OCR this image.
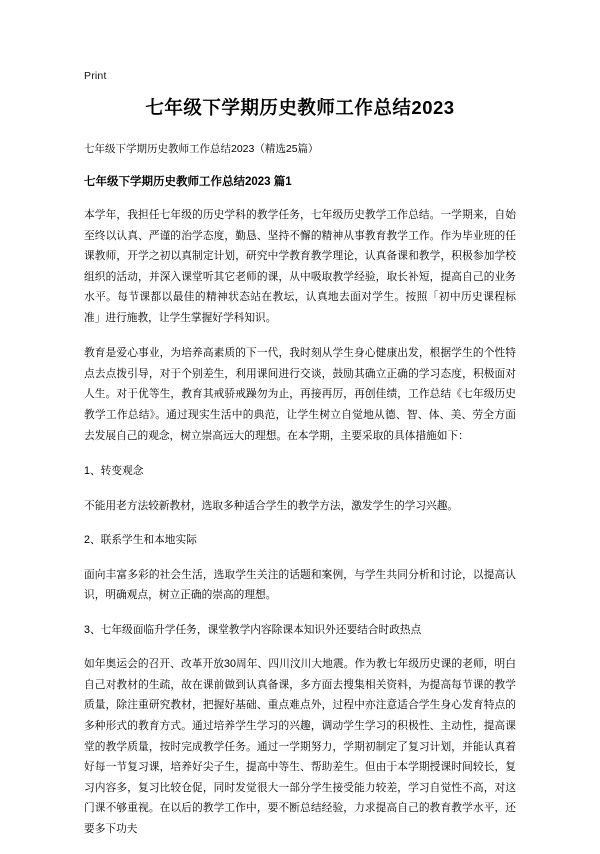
Print
七年级下学期历史教师工作总结2023
七年级下学期历史教师工作总结2023（精选25篇）
七年级下学期历史教师工作总结2023 篇1

本学年，我担任七年级的历史学科的教学任务，七年级历史教学工作总结。一学期来，自始至终以认真、严谨的治学态度，勤恳、坚持不懈的精神从事教育教学工作。作为毕业班的任课教师，开学之初以真制定计划，研究中学教育教学理论，认真备课和教学，积极参加学校组织的活动，并深入课堂听其它老师的课，从中吸取教学经验，取长补短，提高自己的业务水平。每节课都以最佳的精神状态站在教坛，认真地去面对学生。按照「初中历史课程标准」进行施教，让学生掌握好学科知识。

教育是爱心事业，为培养高素质的下一代，我时刻从学生身心健康出发，根据学生的个性特点去点拨引导，对于个别差生，利用课间进行交谈，鼓励其确立正确的学习态度，积极面对人生。对于优等生，教育其戒骄戒躁勿为止，再接再厉，再创佳绩，工作总结《七年级历史教学工作总结》。通过现实生活中的典范，让学生树立自觉地从德、智、体、美、劳全方面去发展自己的观念，树立崇高远大的理想。在本学期，主要采取的具体措施如下：

1、转变观念

不能用老方法较新教材，选取多种适合学生的教学方法，激发学生的学习兴趣。

2、联系学生和本地实际

面向丰富多彩的社会生活，选取学生关注的话题和案例，与学生共同分析和讨论，以提高认识，明确观点，树立正确的崇高的理想。

3、七年级面临升学任务，课堂教学内容除课本知识外还要结合时政热点

如年奥运会的召开、改革开放30周年、四川汶川大地震。作为教七年级历史课的老师，明白自己对教材的生疏，故在课前做到认真备课，多方面去搜集相关资料，为提高每节课的教学质量，除注重研究教材，把握好基础、重点难点外，过程中亦注意适合学生身心发育特点的多种形式的教育方式。通过培养学生学习的兴趣，调动学生学习的积极性、主动性，提高课堂的教学质量，按时完成教学任务。通过一学期努力，学期初制定了复习计划，并能认真着好每一节复习课，培养好尖子生，提高中等生、帮助差生。但由于本学期授课时间较长，复习内容多，复习比较仓促，同时发觉很大一部分学生接受能力较差，学习自觉性不高，对这门课不够重视。在以后的教学工作中，要不断总结经验，力求提高自己的教育教学水平，还要多下功夫
